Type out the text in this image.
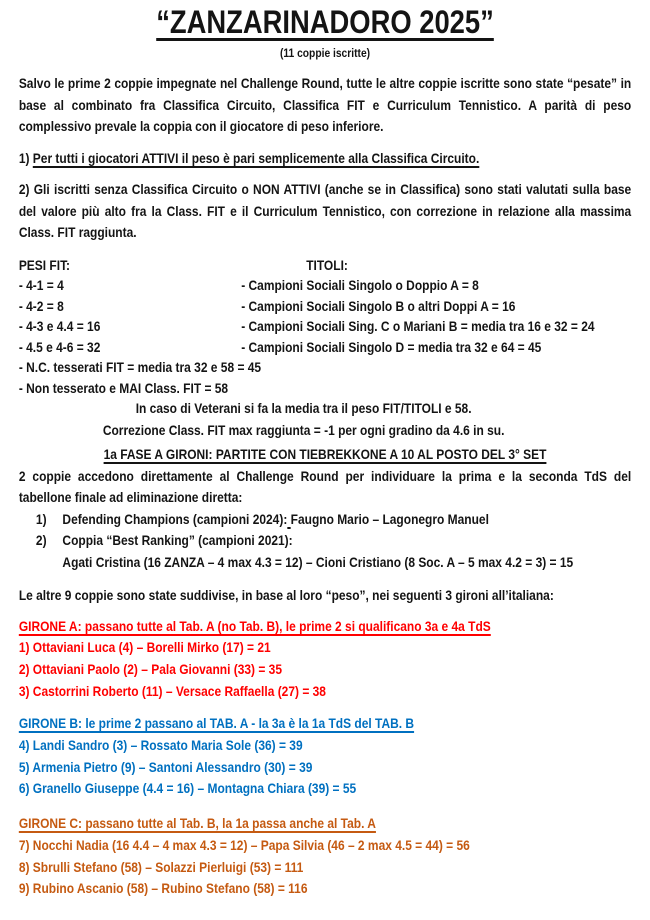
“ZANZARINADORO 2025”
(11 coppie iscritte)

Salvo le prime 2 coppie impegnate nel Challenge Round, tutte le altre coppie iscritte sono state “pesate” in base al combinato fra Classifica Circuito, Classifica FIT e Curriculum Tennistico. A parità di peso complessivo prevale la coppia con il giocatore di peso inferiore.

1) Per tutti i giocatori ATTIVI il peso è pari semplicemente alla Classifica Circuito.

2) Gli iscritti senza Classifica Circuito o NON ATTIVI (anche se in Classifica) sono stati valutati sulla base del valore più alto fra la Class. FIT e il Curriculum Tennistico, con correzione in relazione alla massima Class. FIT raggiunta.

PESI FIT:	TITOLI:
- 4-1 = 4	- Campioni Sociali Singolo o Doppio A = 8
- 4-2 = 8	- Campioni Sociali Singolo B o altri Doppi A = 16
- 4-3 e 4.4 = 16	- Campioni Sociali Sing. C o Mariani B = media tra 16 e 32 = 24
- 4.5 e 4-6 = 32	- Campioni Sociali Singolo D = media tra 32 e 64 = 45
- N.C. tesserati FIT = media tra 32 e 58 = 45
- Non tesserato e MAI Class. FIT = 58
In caso di Veterani si fa la media tra il peso FIT/TITOLI e 58.
Correzione Class. FIT max raggiunta = -1 per ogni gradino da 4.6 in su.
1a FASE A GIRONI: PARTITE CON TIEBREKKONE A 10 AL POSTO DEL 3° SET

2 coppie accedono direttamente al Challenge Round per individuare la prima e la seconda TdS del tabellone finale ad eliminazione diretta:

1)	Defending Champions (campioni 2024): Faugno Mario – Lagonegro Manuel
2)	Coppia “Best Ranking” (campioni 2021):
Agati Cristina (16 ZANZA – 4 max 4.3 = 12) – Cioni Cristiano (8 Soc. A – 5 max 4.2 = 3) = 15

Le altre 9 coppie sono state suddivise, in base al loro “peso”, nei seguenti 3 gironi all’italiana:

GIRONE A: passano tutte al Tab. A (no Tab. B), le prime 2 si qualificano 3a e 4a TdS
1) Ottaviani Luca (4) – Borelli Mirko (17) = 21
2) Ottaviani Paolo (2) – Pala Giovanni (33) = 35
3) Castorrini Roberto (11) – Versace Raffaella (27) = 38
GIRONE B: le prime 2 passano al TAB. A - la 3a è la 1a TdS del TAB. B
4) Landi Sandro (3) – Rossato Maria Sole (36) = 39
5) Armenia Pietro (9) – Santoni Alessandro (30) = 39
6) Granello Giuseppe (4.4 = 16) – Montagna Chiara (39) = 55
GIRONE C: passano tutte al Tab. B, la 1a passa anche al Tab. A
7) Nocchi Nadia (16 4.4 – 4 max 4.3 = 12) – Papa Silvia (46 – 2 max 4.5 = 44) = 56
8) Sbrulli Stefano (58) – Solazzi Pierluigi (53) = 111
9) Rubino Ascanio (58) – Rubino Stefano (58) = 116
